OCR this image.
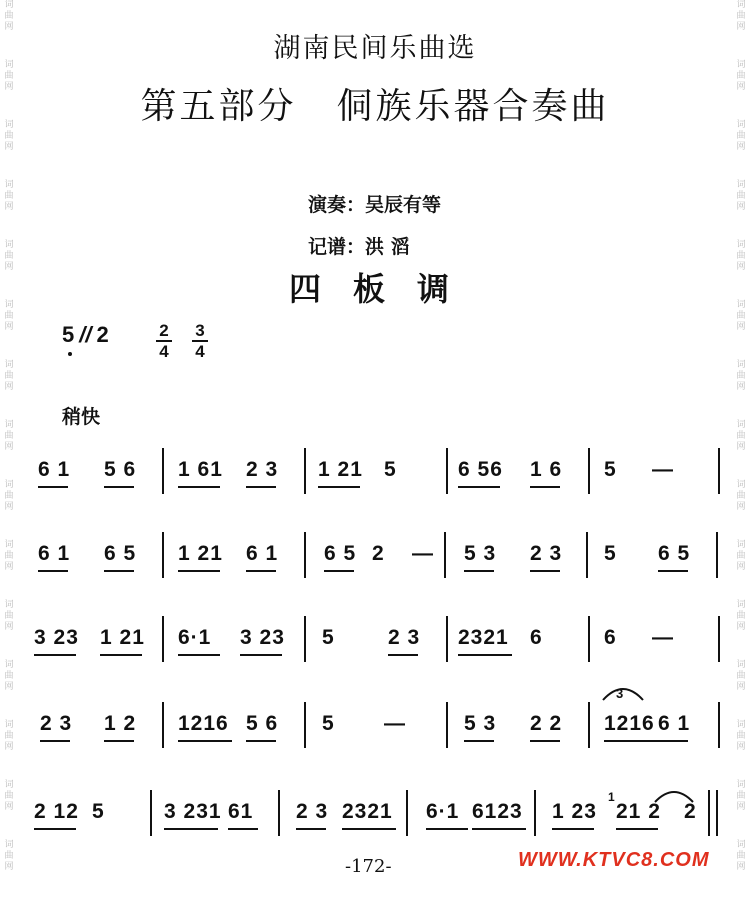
词
曲
网
词
曲
网
词
曲
网
词
曲
网
词
曲
网
词
曲
网
词
曲
网
词
曲
网
词
曲
网
词
曲
网
词
曲
网
词
曲
网
词
曲
网
词
曲
网
词
曲
网
词
曲
网
词
曲
网
词
曲
网
词
曲
网
词
曲
网
词
曲
网
词
曲
网
词
曲
网
词
曲
网
词
曲
网
词
曲
网
词
曲
网
词
曲
网
词
曲
网
词
曲
网
湖南民间乐曲选
第五部分 侗族乐器合奏曲
演奏：吴辰有等
记谱：洪 滔
四板调
5 // 2	2
4
3
4
稍快
6 1 5 6 1 61 2 3 1 21 5	6 56 1 6 5 —
6 1 6 5 1 21 6 1 6 5 2 — 5 3 2 3 5 6 5
3 23 1 21 6·1 3 23 5	2 3 2321 6	6 —
2 3 1 2 1216 5 6 5 —	5 3 2 2 1216 6 1
2 12 5	3 231 61 2 3 2321 6·1 6123 1 23 21 2 2
3
1
-172-	WWW.KTVC8.COM
